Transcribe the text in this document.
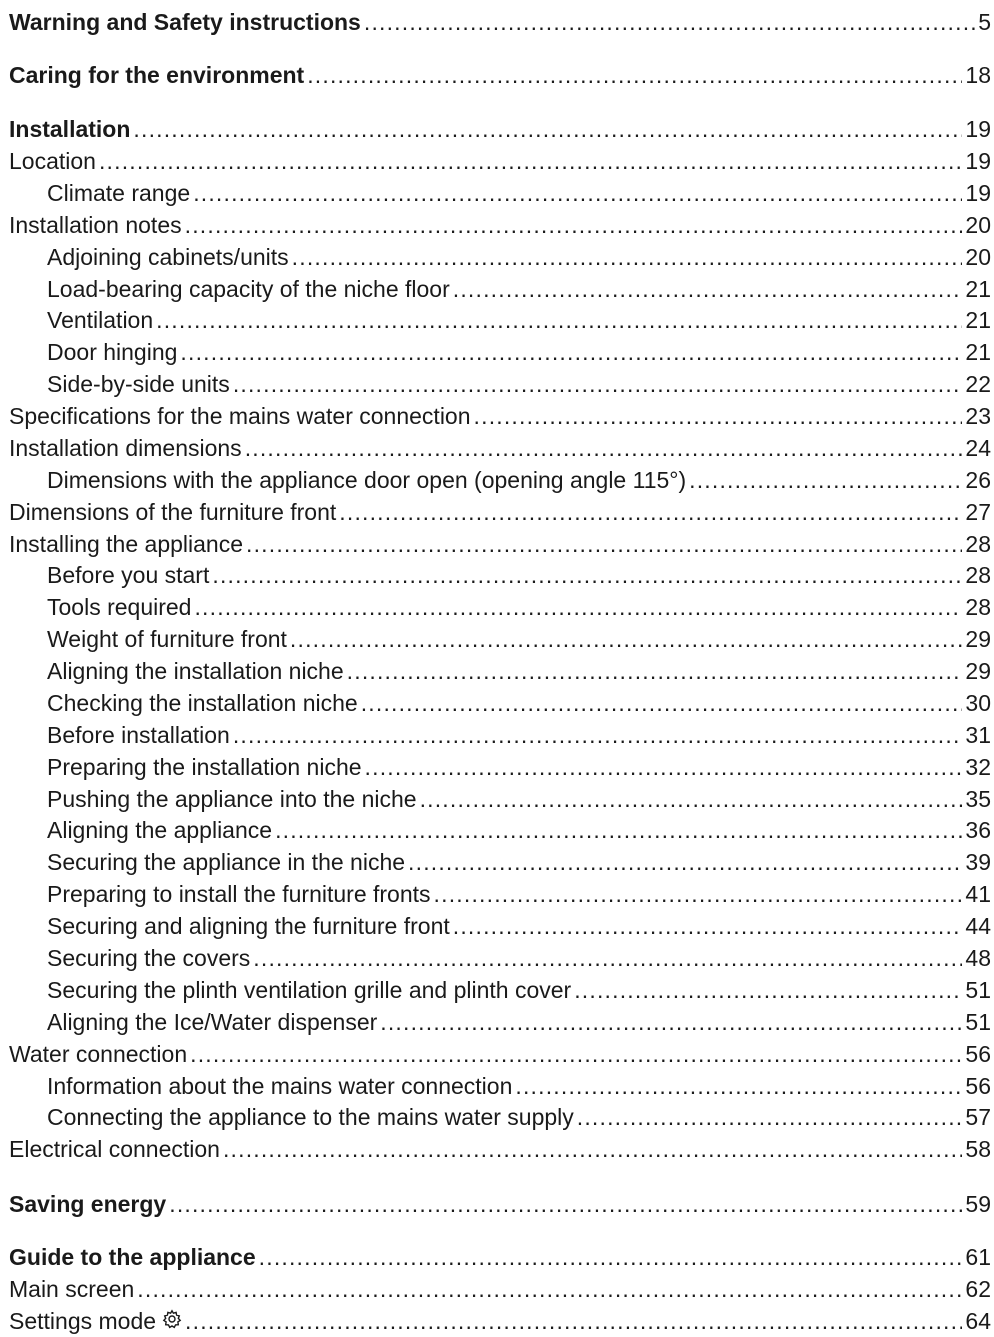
Warning and Safety instructions . . .	5
Caring for the environment . . .	18
Installation . . .	19
Location . . .	19
Climate range . . .	19
Installation notes . . .	20
Adjoining cabinets/units . . .	20
Load-bearing capacity of the niche floor . . .	21
Ventilation . . .	21
Door hinging . . .	21
Side-by-side units . . .	22
Specifications for the mains water connection . . .	23
Installation dimensions . . .	24
Dimensions with the appliance door open (opening angle 115°) . . .	26
Dimensions of the furniture front . . .	27
Installing the appliance . . .	28
Before you start . . .	28
Tools required . . .	28
Weight of furniture front . . .	29
Aligning the installation niche . . .	29
Checking the installation niche . . .	30
Before installation . . .	31
Preparing the installation niche . . .	32
Pushing the appliance into the niche . . .	35
Aligning the appliance . . .	36
Securing the appliance in the niche . . .	39
Preparing to install the furniture fronts . . .	41
Securing and aligning the furniture front . . .	44
Securing the covers . . .	48
Securing the plinth ventilation grille and plinth cover . . .	51
Aligning the Ice/Water dispenser . . .	51
Water connection . . .	56
Information about the mains water connection . . .	56
Connecting the appliance to the mains water supply . . .	57
Electrical connection . . .	58
Saving energy . . .	59
Guide to the appliance . . .	61
Main screen . . .	62
Settings mode . . .	64
